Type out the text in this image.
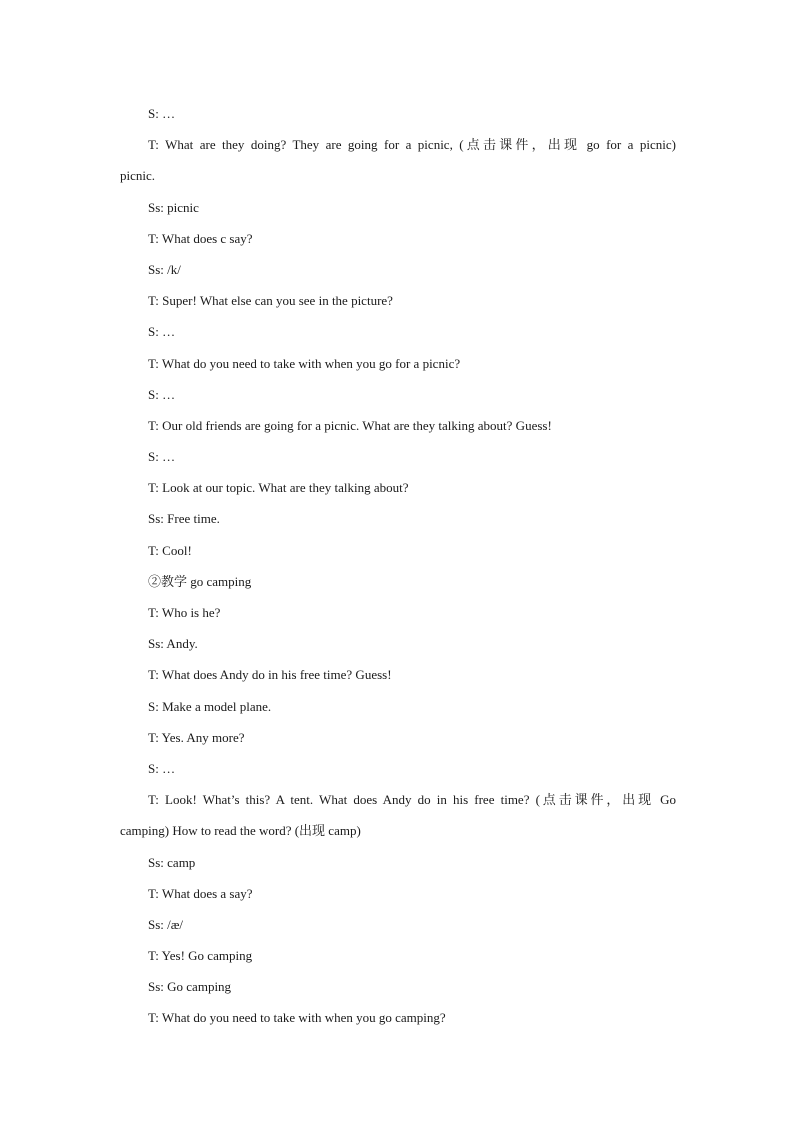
S: …
T: What are they doing? They are going for a picnic, (点击课件，出现 go for a picnic)
picnic.
Ss: picnic
T: What does c say?
Ss: /k/
T: Super! What else can you see in the picture?
S: …
T: What do you need to take with when you go for a picnic?
S: …
T: Our old friends are going for a picnic. What are they talking about? Guess!
S: …
T: Look at our topic. What are they talking about?
Ss: Free time.
T: Cool!
②教学 go camping
T: Who is he?
Ss: Andy.
T: What does Andy do in his free time? Guess!
S: Make a model plane.
T: Yes. Any more?
S: …
T: Look! What’s this? A tent. What does Andy do in his free time? (点击课件，出现 Go
camping) How to read the word? (出现 camp)
Ss: camp
T: What does a say?
Ss: /æ/
T: Yes! Go camping
Ss: Go camping
T: What do you need to take with when you go camping?
